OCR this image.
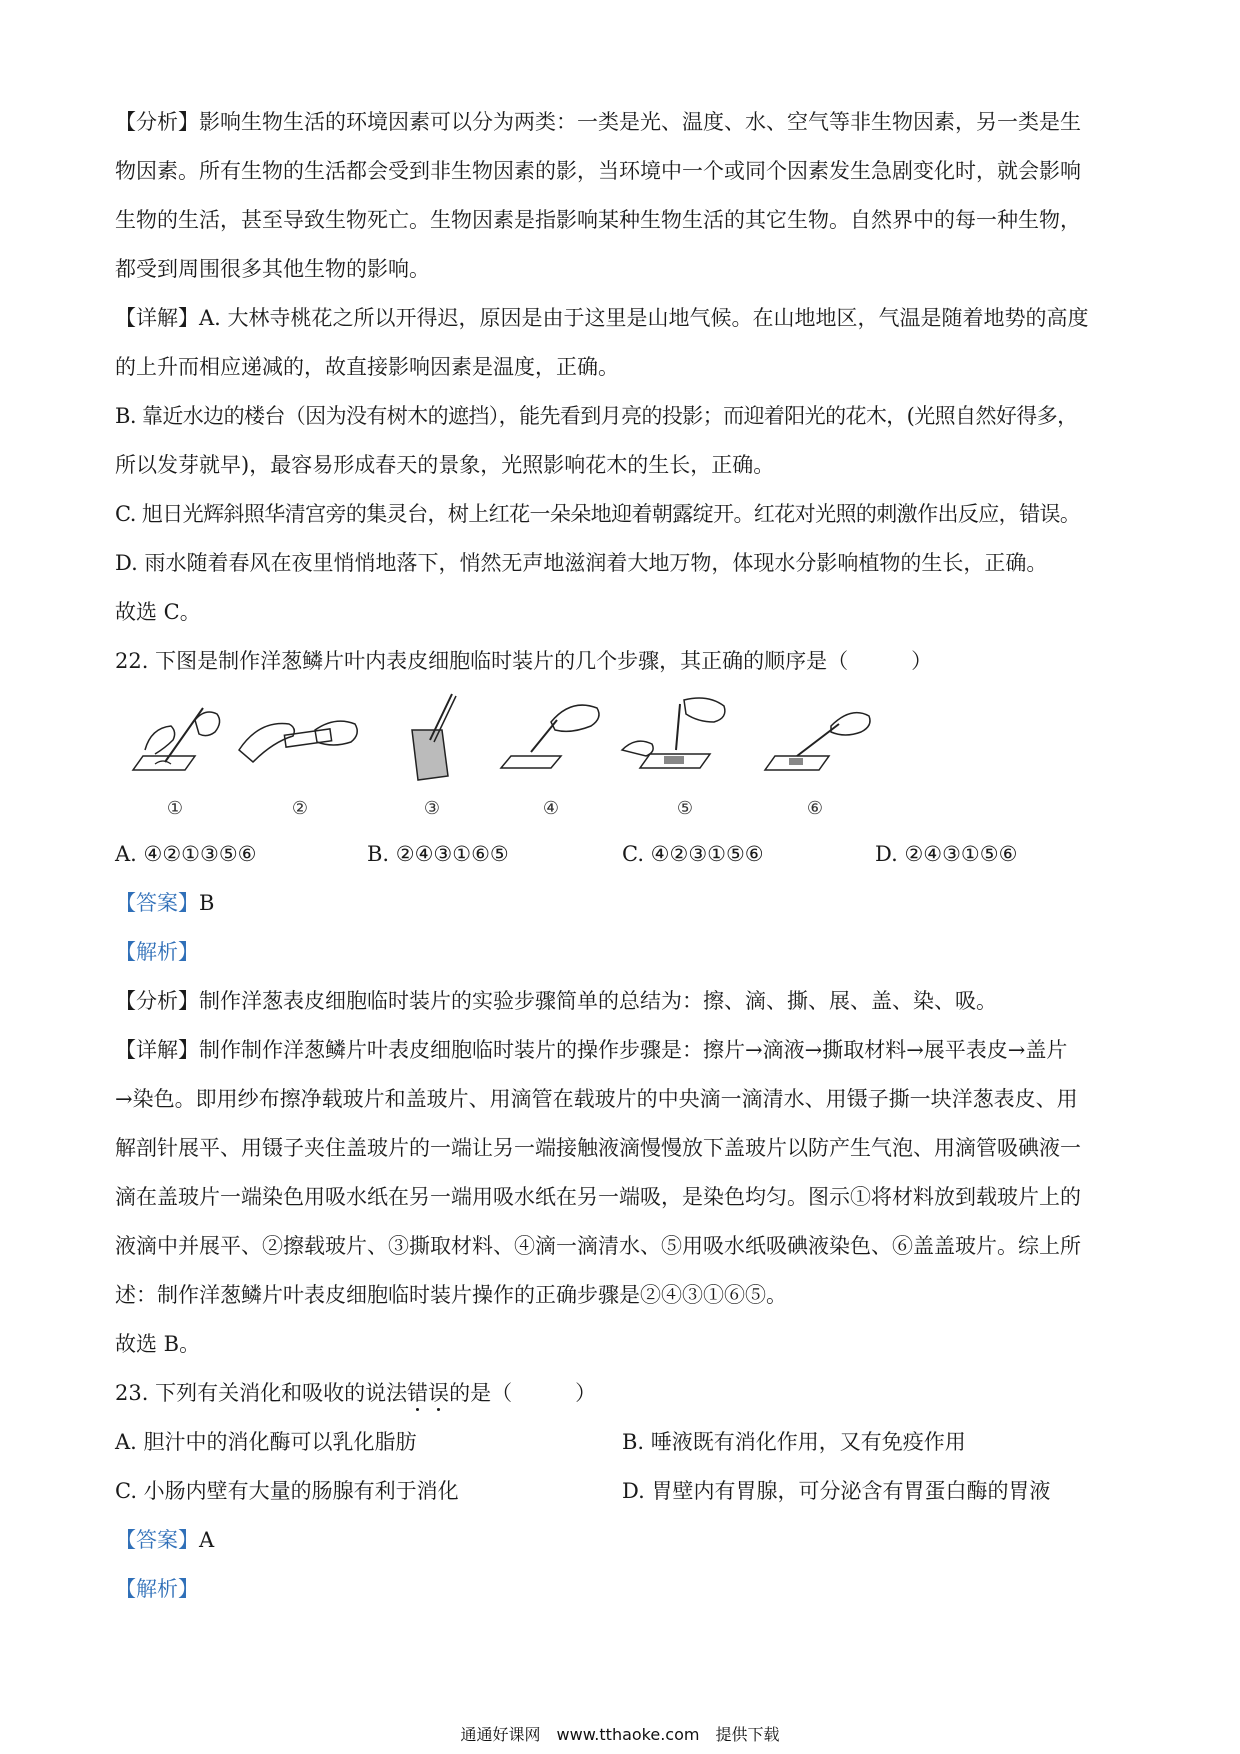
【分析】影响生物生活的环境因素可以分为两类：一类是光、温度、水、空气等非生物因素，另一类是生

物因素。所有生物的生活都会受到非生物因素的影，当环境中一个或同个因素发生急剧变化时，就会影响

生物的生活，甚至导致生物死亡。生物因素是指影响某种生物生活的其它生物。自然界中的每一种生物，

都受到周围很多其他生物的影响。

【详解】A. 大林寺桃花之所以开得迟，原因是由于这里是山地气候。在山地地区，气温是随着地势的高度

的上升而相应递减的，故直接影响因素是温度，正确。

B. 靠近水边的楼台（因为没有树木的遮挡），能先看到月亮的投影；而迎着阳光的花木，(光照自然好得多，

所以发芽就早)，最容易形成春天的景象，光照影响花木的生长，正确。

C. 旭日光辉斜照华清宫旁的集灵台，树上红花一朵朵地迎着朝露绽开。红花对光照的刺激作出反应，错误。

D. 雨水随着春风在夜里悄悄地落下，悄然无声地滋润着大地万物，体现水分影响植物的生长，正确。

故选 C。

22. 下图是制作洋葱鳞片叶内表皮细胞临时装片的几个步骤，其正确的顺序是（　　　）

①	②	③	④	⑤	⑥
A. ④②①③⑤⑥	B. ②④③①⑥⑤	C. ④②③①⑤⑥	D. ②④③①⑤⑥

【答案】B

【解析】

【分析】制作洋葱表皮细胞临时装片的实验步骤简单的总结为：擦、滴、撕、展、盖、染、吸。

【详解】制作制作洋葱鳞片叶表皮细胞临时装片的操作步骤是：擦片→滴液→撕取材料→展平表皮→盖片

→染色。即用纱布擦净载玻片和盖玻片、用滴管在载玻片的中央滴一滴清水、用镊子撕一块洋葱表皮、用

解剖针展平、用镊子夹住盖玻片的一端让另一端接触液滴慢慢放下盖玻片以防产生气泡、用滴管吸碘液一

滴在盖玻片一端染色用吸水纸在另一端用吸水纸在另一端吸，是染色均匀。图示①将材料放到载玻片上的

液滴中并展平、②擦载玻片、③撕取材料、④滴一滴清水、⑤用吸水纸吸碘液染色、⑥盖盖玻片。综上所

述：制作洋葱鳞片叶表皮细胞临时装片操作的正确步骤是②④③①⑥⑤。

故选 B。

23. 下列有关消化和吸收的说法错误
的是（　　　）

A. 胆汁中的消化酶可以乳化脂肪	B. 唾液既有消化作用，又有免疫作用
C. 小肠内壁有大量的肠腺有利于消化	D. 胃壁内有胃腺，可分泌含有胃蛋白酶的胃液

【答案】A

【解析】

通通好课网　www.tthaoke.com　提供下载
